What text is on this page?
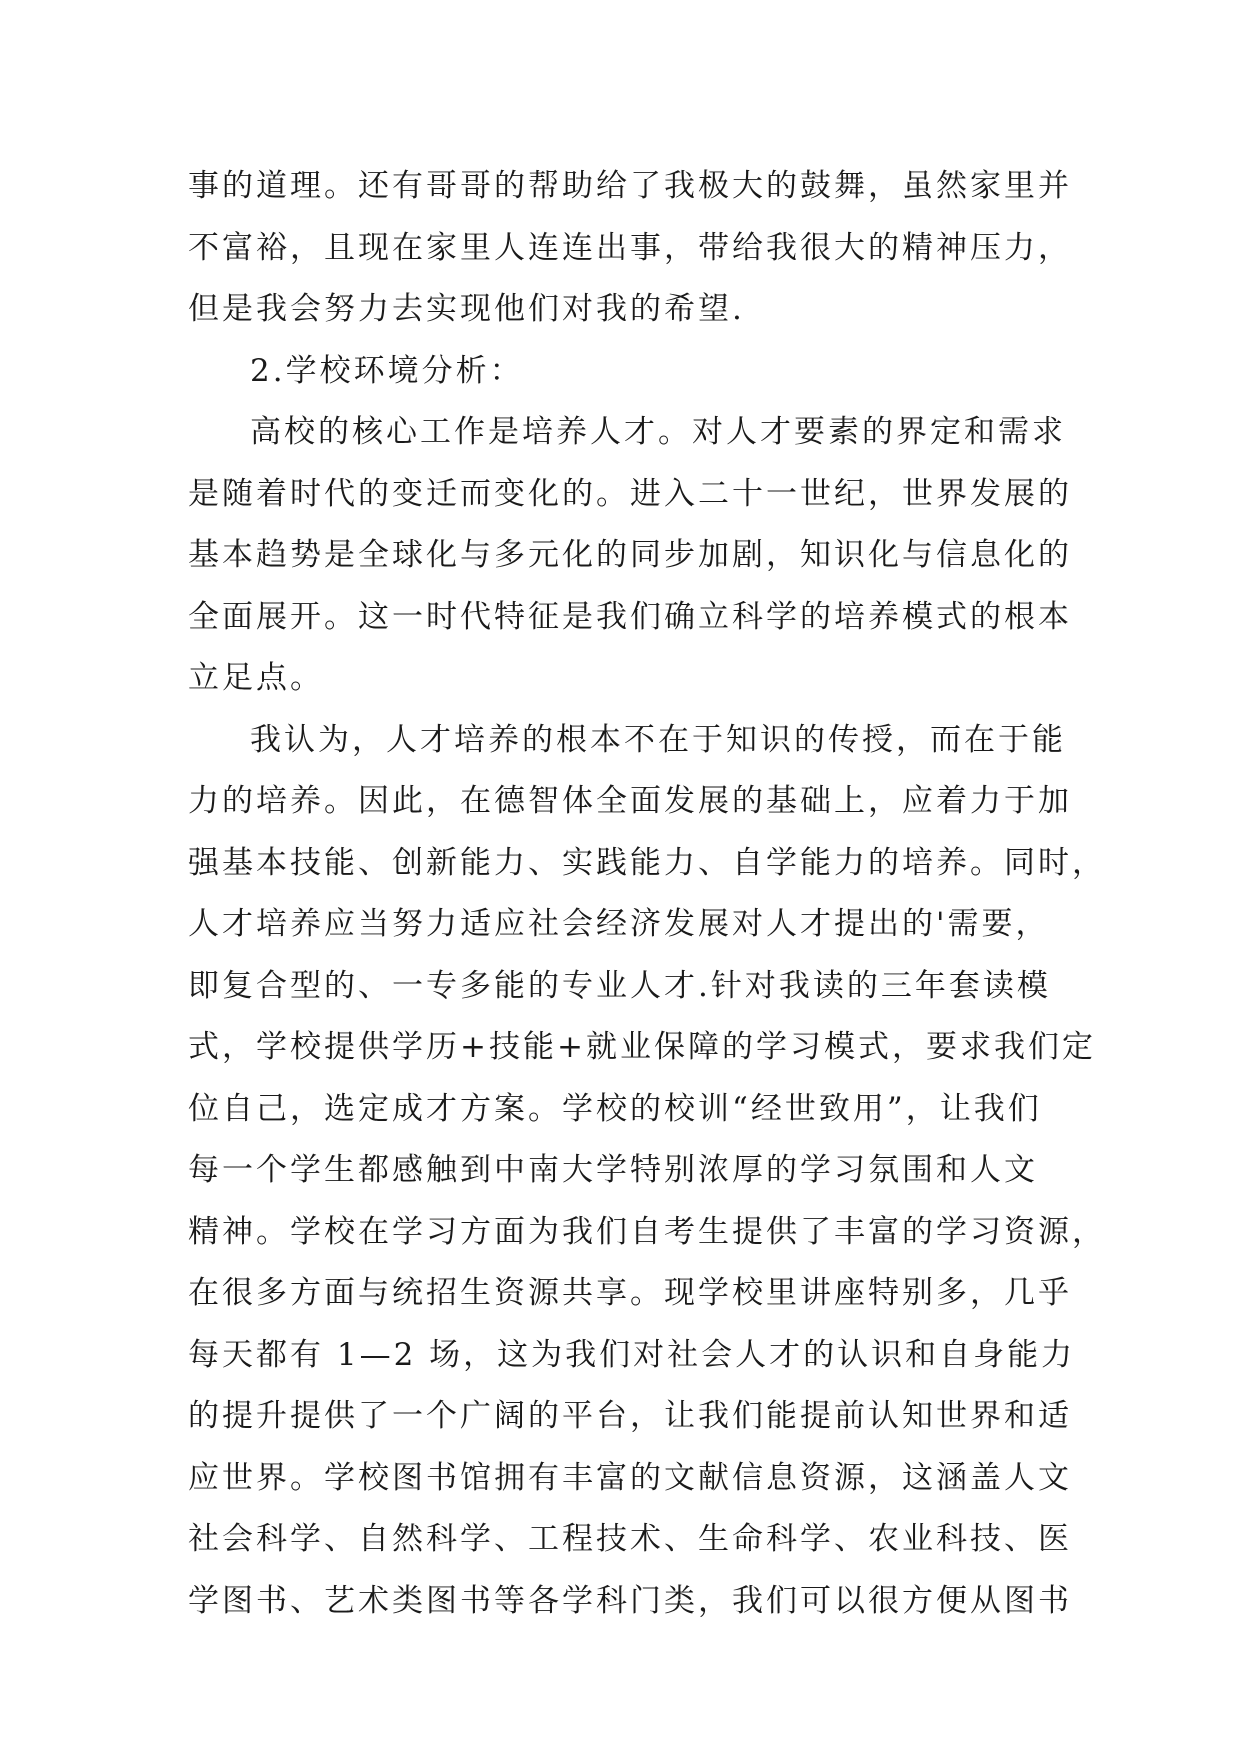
事的道理。还有哥哥的帮助给了我极大的鼓舞，虽然家里并
不富裕，且现在家里人连连出事，带给我很大的精神压力，
但是我会努力去实现他们对我的希望.
2.学校环境分析：
高校的核心工作是培养人才。对人才要素的界定和需求
是随着时代的变迁而变化的。进入二十一世纪，世界发展的
基本趋势是全球化与多元化的同步加剧，知识化与信息化的
全面展开。这一时代特征是我们确立科学的培养模式的根本
立足点。
我认为，人才培养的根本不在于知识的传授，而在于能
力的培养。因此，在德智体全面发展的基础上，应着力于加
强基本技能、创新能力、实践能力、自学能力的培养。同时，
人才培养应当努力适应社会经济发展对人才提出的'需要，
即复合型的、一专多能的专业人才.针对我读的三年套读模
式，学校提供学历+技能+就业保障的学习模式，要求我们定
位自己，选定成才方案。学校的校训“经世致用”，让我们
每一个学生都感触到中南大学特别浓厚的学习氛围和人文
精神。学校在学习方面为我们自考生提供了丰富的学习资源，
在很多方面与统招生资源共享。现学校里讲座特别多，几乎
每天都有 1—2 场，这为我们对社会人才的认识和自身能力
的提升提供了一个广阔的平台，让我们能提前认知世界和适
应世界。学校图书馆拥有丰富的文献信息资源，这涵盖人文
社会科学、自然科学、工程技术、生命科学、农业科技、医
学图书、艺术类图书等各学科门类，我们可以很方便从图书
